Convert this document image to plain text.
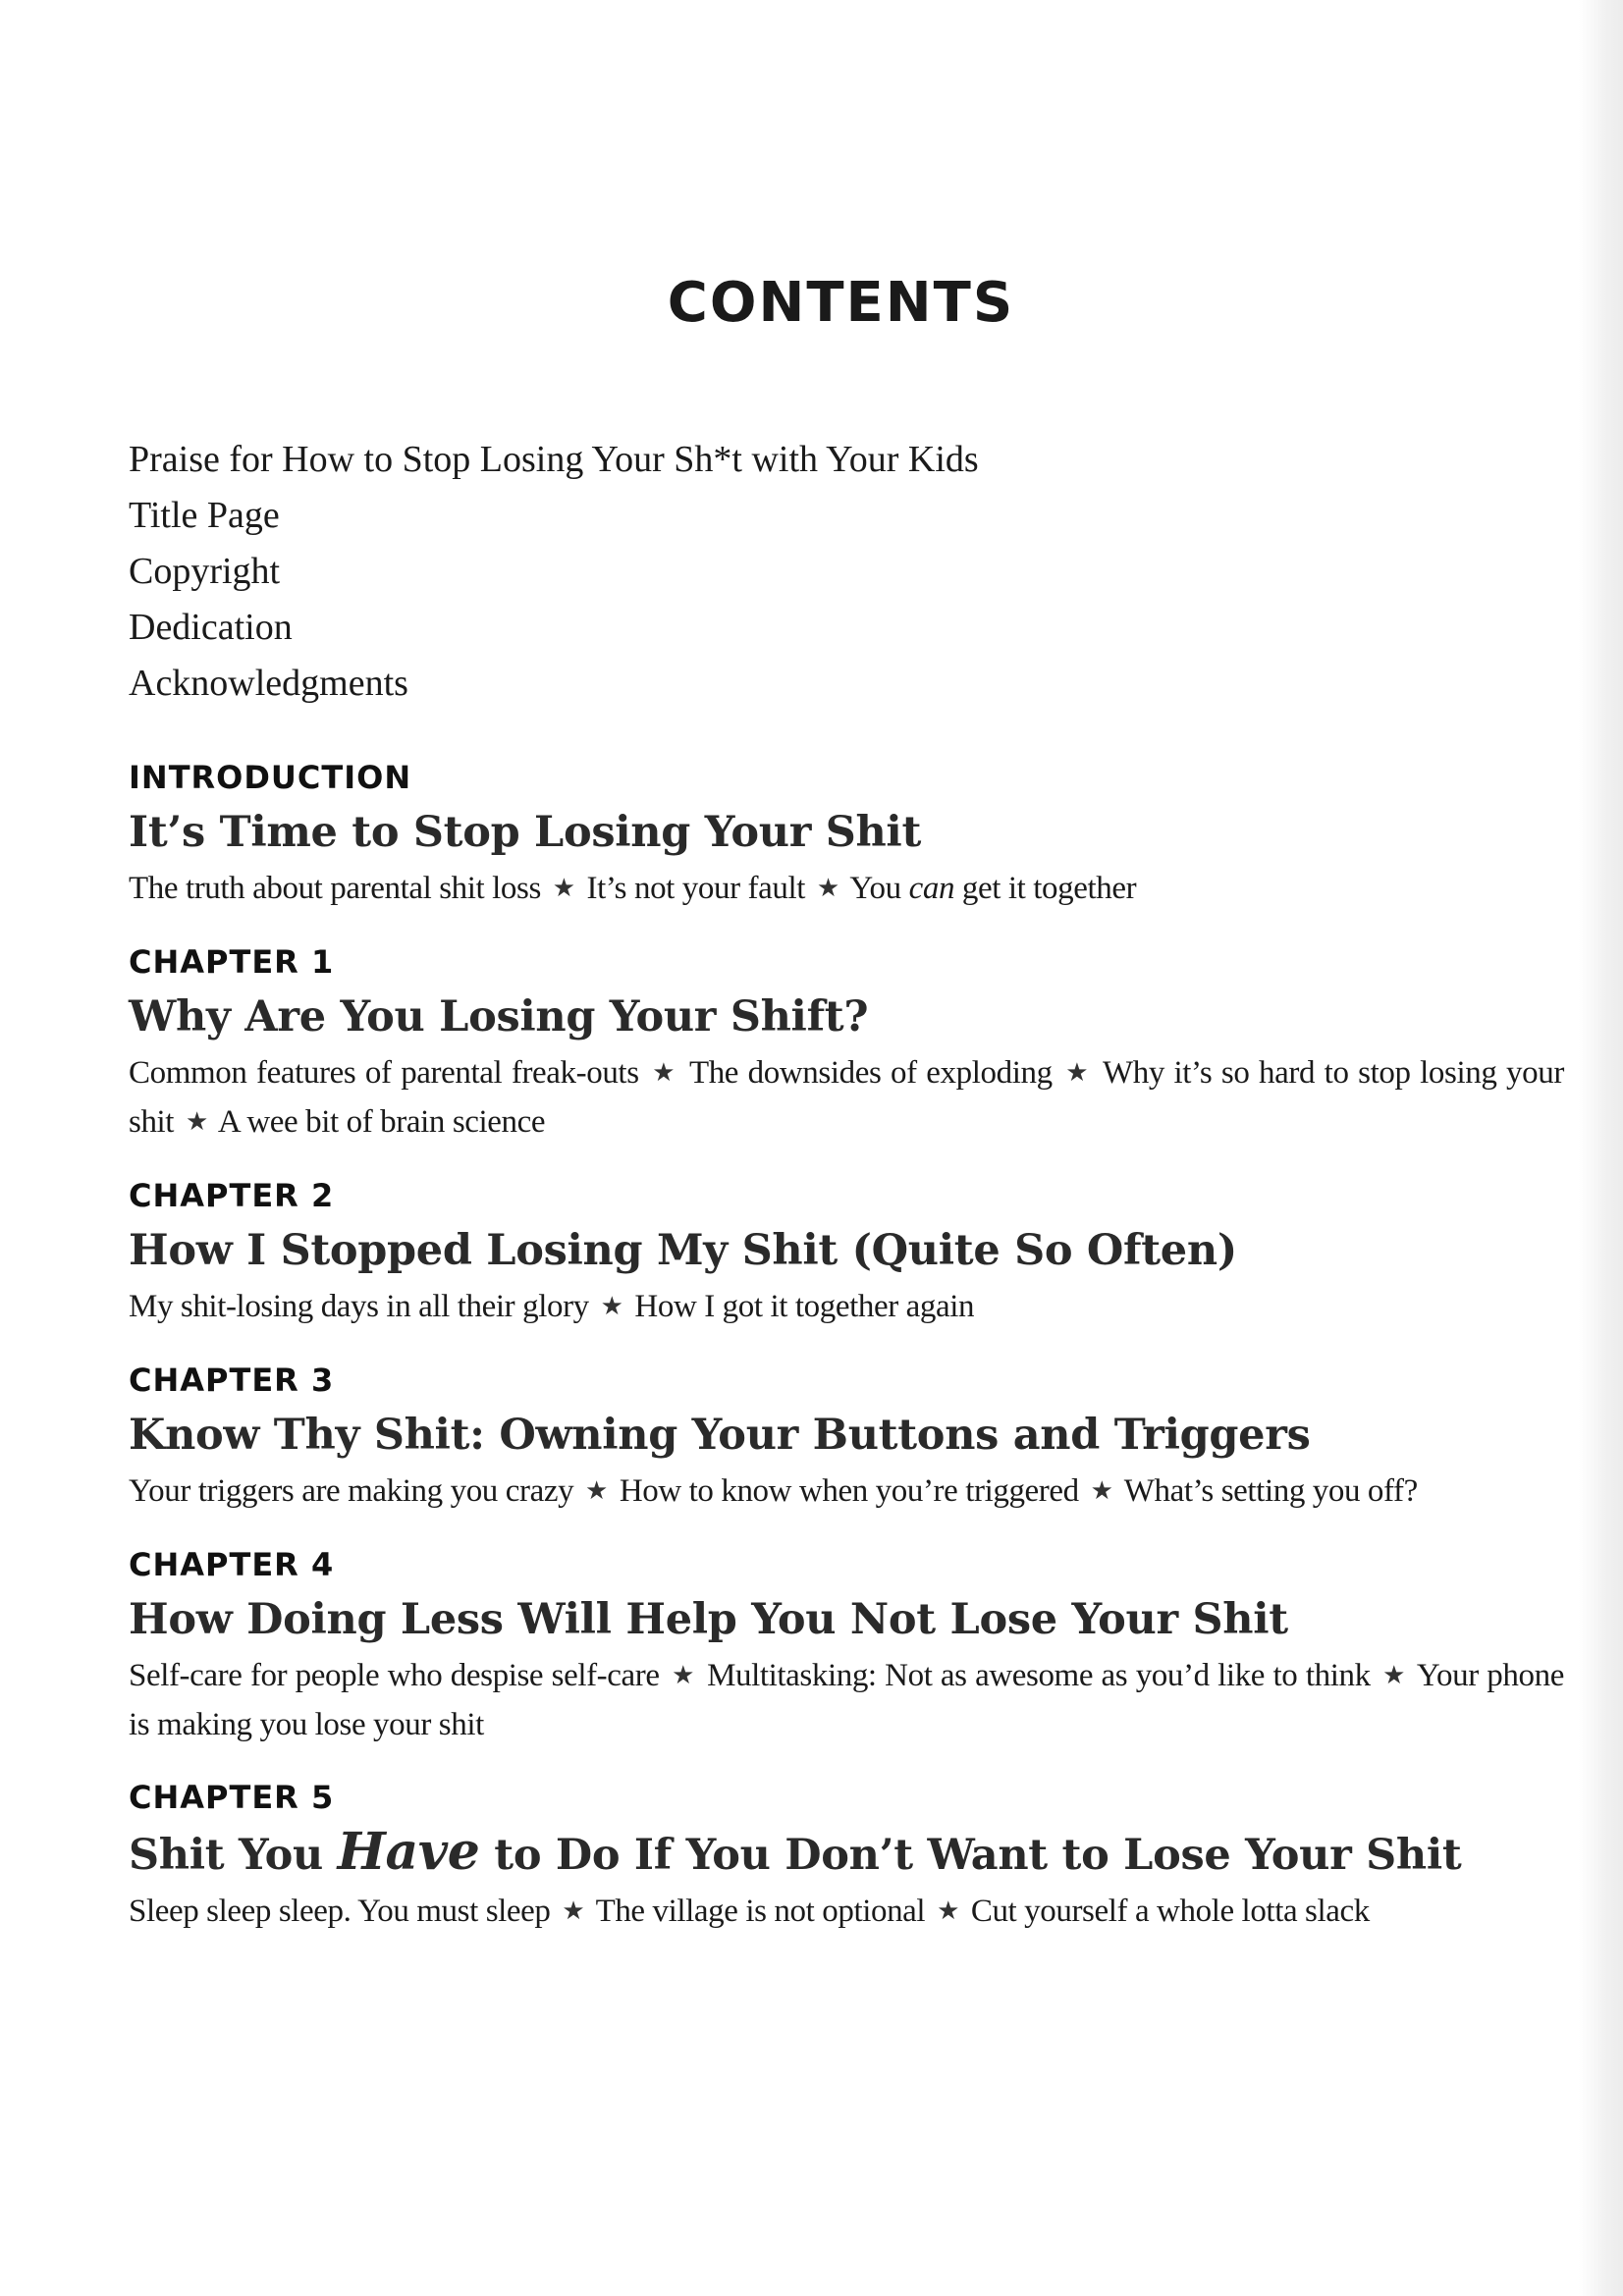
CONTENTS
Praise for How to Stop Losing Your Sh*t with Your Kids
Title Page
Copyright
Dedication
Acknowledgments

INTRODUCTION

It’s Time to Stop Losing Your Shit

The truth about parental shit loss ★ It’s not your fault ★ You can get it together

CHAPTER 1

Why Are You Losing Your Shift?

Common features of parental freak-outs ★ The downsides of exploding ★ Why it’s so hard to stop losing your shit ★ A wee bit of brain science

CHAPTER 2

How I Stopped Losing My Shit (Quite So Often)

My shit-losing days in all their glory ★ How I got it together again

CHAPTER 3

Know Thy Shit: Owning Your Buttons and Triggers

Your triggers are making you crazy ★ How to know when you’re triggered ★ What’s setting you off?

CHAPTER 4

How Doing Less Will Help You Not Lose Your Shit

Self-care for people who despise self-care ★ Multitasking: Not as awesome as you’d like to think ★ Your phone is making you lose your shit

CHAPTER 5

Shit You Have to Do If You Don’t Want to Lose Your Shit

Sleep sleep sleep. You must sleep ★ The village is not optional ★ Cut yourself a whole lotta slack
